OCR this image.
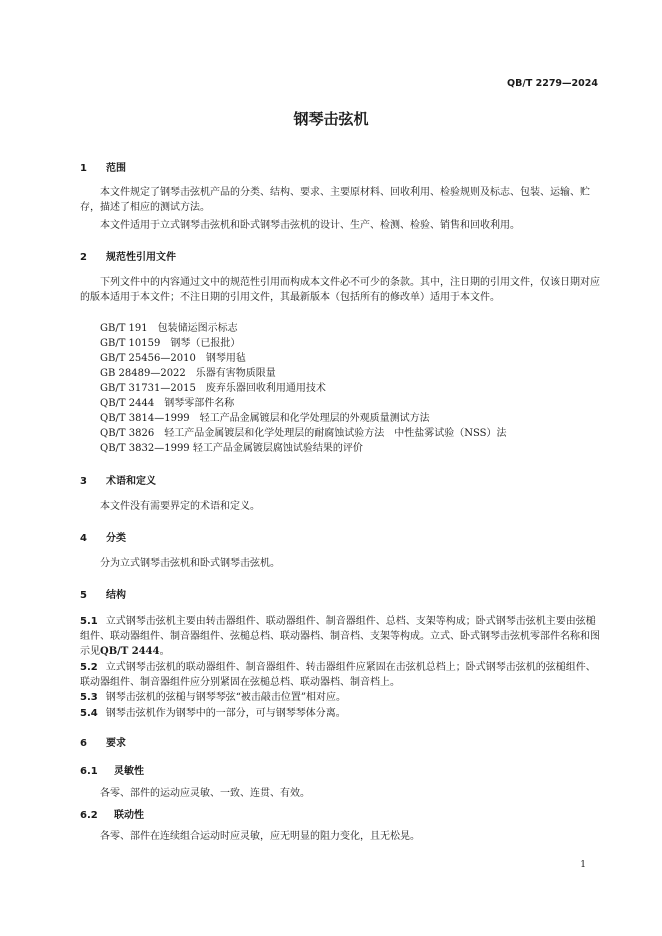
QB/T 2279—2024
钢琴击弦机
1 范围
本文件规定了钢琴击弦机产品的分类、结构、要求、主要原材料、回收利用、检验规则及标志、包装、运输、贮存，描述了相应的测试方法。
本文件适用于立式钢琴击弦机和卧式钢琴击弦机的设计、生产、检测、检验、销售和回收利用。
2 规范性引用文件
下列文件中的内容通过文中的规范性引用而构成本文件必不可少的条款。其中，注日期的引用文件，仅该日期对应的版本适用于本文件；不注日期的引用文件，其最新版本（包括所有的修改单）适用于本文件。
GB/T 191　包装储运图示标志
GB/T 10159　钢琴（已报批）
GB/T 25456—2010　钢琴用毡
GB 28489—2022　乐器有害物质限量
GB/T 31731—2015　废弃乐器回收利用通用技术
QB/T 2444　钢琴零部件名称
QB/T 3814—1999　轻工产品金属镀层和化学处理层的外观质量测试方法
QB/T 3826　轻工产品金属镀层和化学处理层的耐腐蚀试验方法　中性盐雾试验（NSS）法
QB/T 3832—1999 轻工产品金属镀层腐蚀试验结果的评价
3 术语和定义
本文件没有需要界定的术语和定义。
4 分类
分为立式钢琴击弦机和卧式钢琴击弦机。
5 结构
5.1 立式钢琴击弦机主要由转击器组件、联动器组件、制音器组件、总档、支架等构成；卧式钢琴击弦机主要由弦槌组件、联动器组件、制音器组件、弦槌总档、联动器档、制音档、支架等构成。立式、卧式钢琴击弦机零部件名称和图示见QB/T 2444。
5.2 立式钢琴击弦机的联动器组件、制音器组件、转击器组件应紧固在击弦机总档上；卧式钢琴击弦机的弦槌组件、联动器组件、制音器组件应分别紧固在弦槌总档、联动器档、制音档上。
5.3 钢琴击弦机的弦槌与钢琴琴弦“被击敲击位置”相对应。
5.4 钢琴击弦机作为钢琴中的一部分，可与钢琴琴体分离。
6 要求
6.1 灵敏性
各零、部件的运动应灵敏、一致、连贯、有效。
6.2 联动性
各零、部件在连续组合运动时应灵敏，应无明显的阻力变化，且无松晃。
1
